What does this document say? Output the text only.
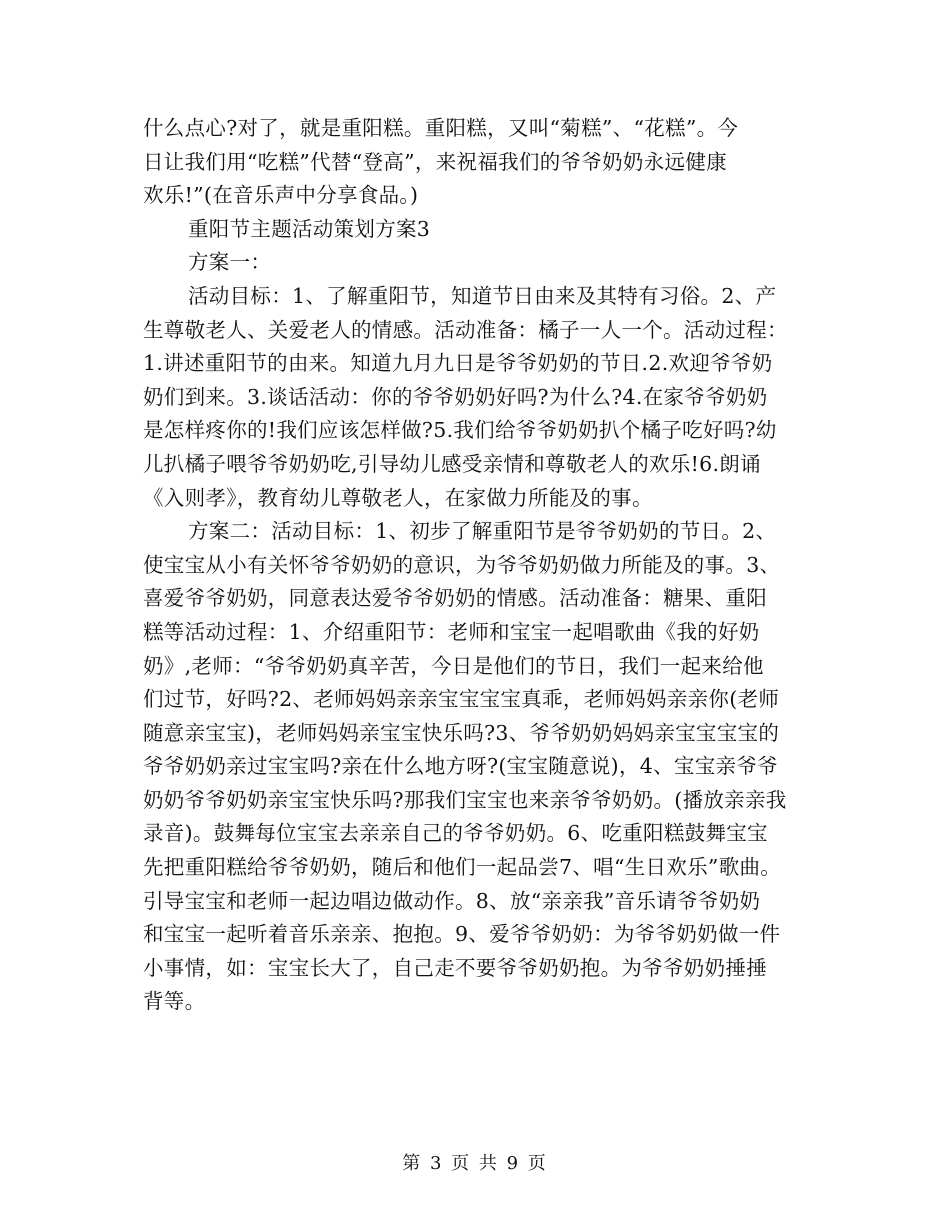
什么点心?对了，就是重阳糕。重阳糕，又叫“菊糕”、“花糕”。今
日让我们用“吃糕”代替“登高”，来祝福我们的爷爷奶奶永远健康
欢乐!”(在音乐声中分享食品。)
重阳节主题活动策划方案3
方案一：
活动目标：1、了解重阳节，知道节日由来及其特有习俗。2、产
生尊敬老人、关爱老人的情感。活动准备：橘子一人一个。活动过程：
1.讲述重阳节的由来。知道九月九日是爷爷奶奶的节日.2.欢迎爷爷奶
奶们到来。3.谈话活动：你的爷爷奶奶好吗?为什么?4.在家爷爷奶奶
是怎样疼你的!我们应该怎样做?5.我们给爷爷奶奶扒个橘子吃好吗?幼
儿扒橘子喂爷爷奶奶吃,引导幼儿感受亲情和尊敬老人的欢乐!6.朗诵
《入则孝》，教育幼儿尊敬老人，在家做力所能及的事。
方案二：活动目标：1、初步了解重阳节是爷爷奶奶的节日。2、
使宝宝从小有关怀爷爷奶奶的意识，为爷爷奶奶做力所能及的事。3、
喜爱爷爷奶奶，同意表达爱爷爷奶奶的情感。活动准备：糖果、重阳
糕等活动过程：1、介绍重阳节：老师和宝宝一起唱歌曲《我的好奶
奶》,老师：“爷爷奶奶真辛苦，今日是他们的节日，我们一起来给他
们过节，好吗?2、老师妈妈亲亲宝宝宝宝真乖，老师妈妈亲亲你(老师
随意亲宝宝)，老师妈妈亲宝宝快乐吗?3、爷爷奶奶妈妈亲宝宝宝宝的
爷爷奶奶亲过宝宝吗?亲在什么地方呀?(宝宝随意说)，4、宝宝亲爷爷
奶奶爷爷奶奶亲宝宝快乐吗?那我们宝宝也来亲爷爷奶奶。(播放亲亲我
录音)。鼓舞每位宝宝去亲亲自己的爷爷奶奶。6、吃重阳糕鼓舞宝宝
先把重阳糕给爷爷奶奶，随后和他们一起品尝7、唱“生日欢乐”歌曲。
引导宝宝和老师一起边唱边做动作。8、放“亲亲我”音乐请爷爷奶奶
和宝宝一起听着音乐亲亲、抱抱。9、爱爷爷奶奶：为爷爷奶奶做一件
小事情，如：宝宝长大了，自己走不要爷爷奶奶抱。为爷爷奶奶捶捶
背等。
第 3 页 共 9 页
